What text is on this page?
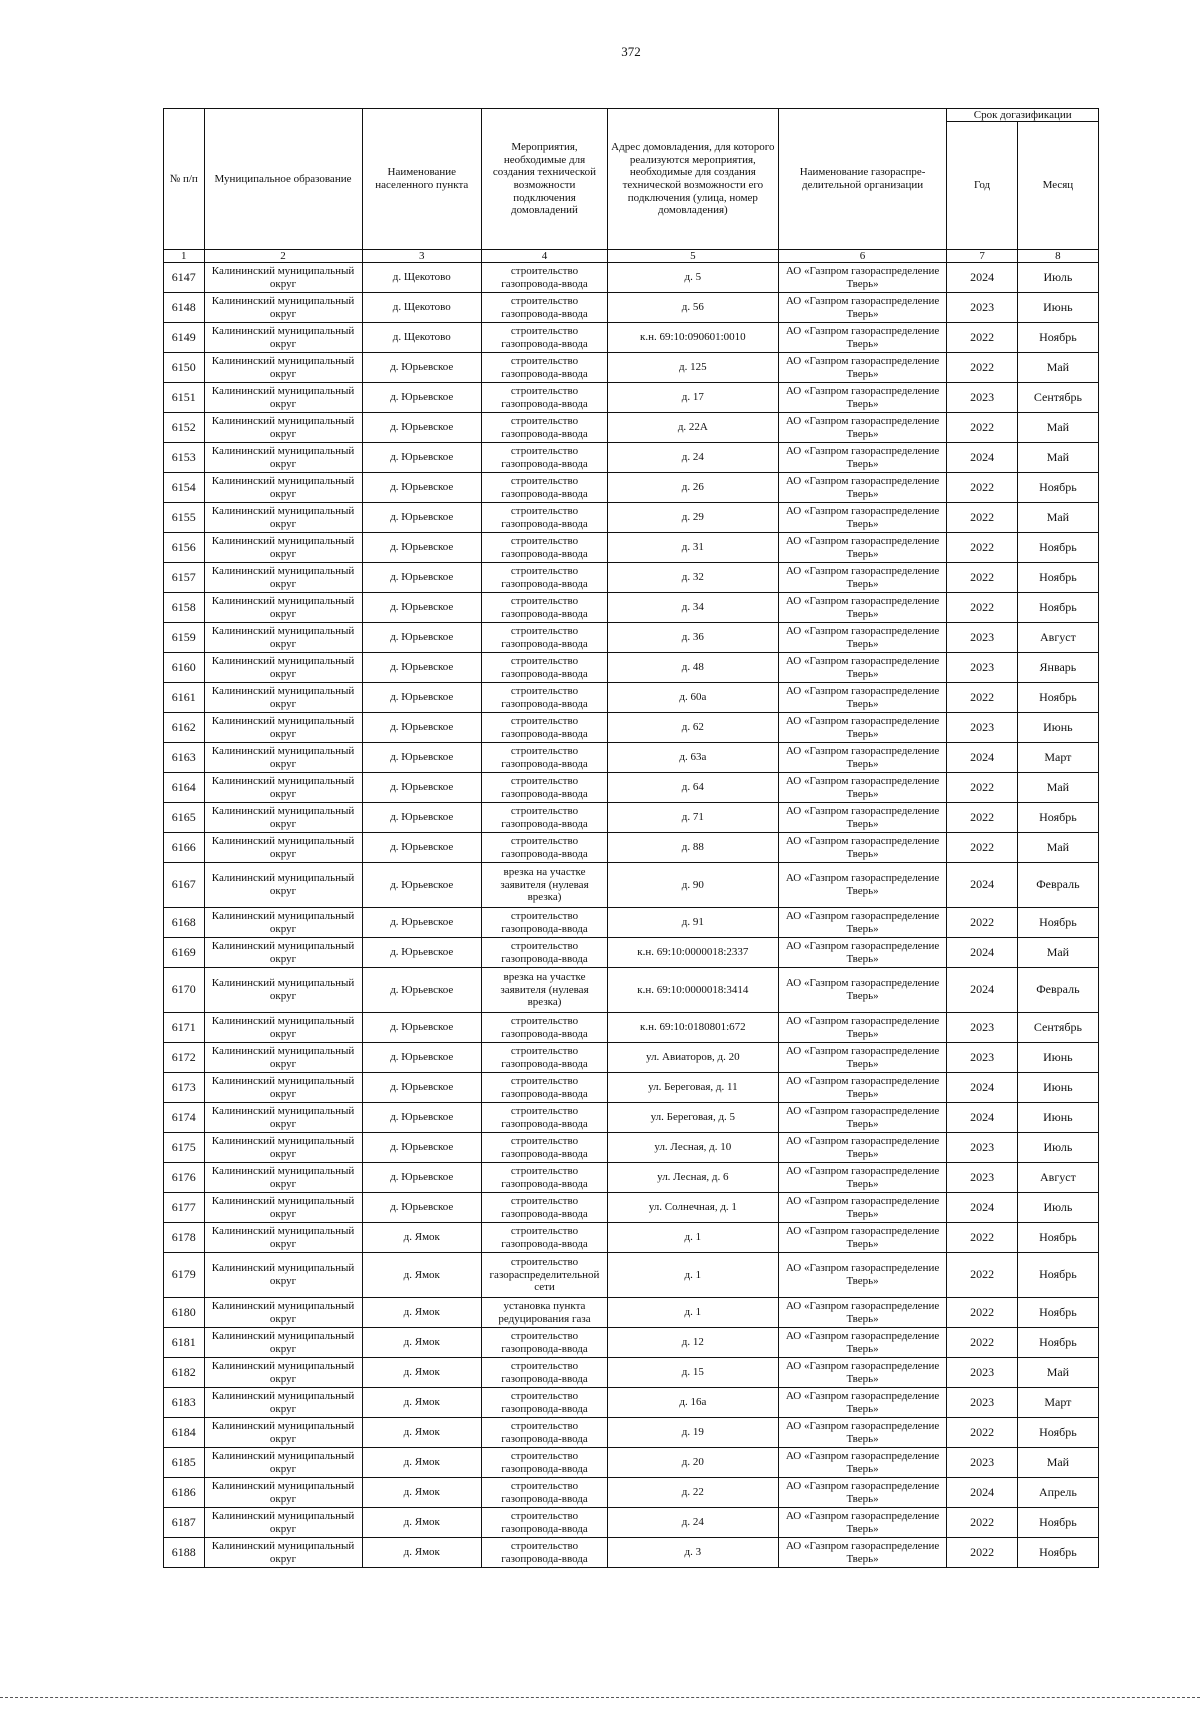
372
№ п/п	Муниципальное образование	Наименование населенного пункта	Мероприятия, необходимые для создания технической возможности подключения домовладений	Адрес домовладения, для которого реализуются мероприятия, необходимые для создания технической возможности его подключения (улица, номер домовладения)	Наименование газораспре-делительной организации	Срок догазификации	
						Год	Месяц
1	2	3	4	5	6	7	8
6147	Калининский муниципальный округ	д. Щекотово	строительство газопровода-ввода	д. 5	АО «Газпром газораспределение Тверь»	2024	Июль
6148	Калининский муниципальный округ	д. Щекотово	строительство газопровода-ввода	д. 56	АО «Газпром газораспределение Тверь»	2023	Июнь
6149	Калининский муниципальный округ	д. Щекотово	строительство газопровода-ввода	к.н. 69:10:090601:0010	АО «Газпром газораспределение Тверь»	2022	Ноябрь
6150	Калининский муниципальный округ	д. Юрьевское	строительство газопровода-ввода	д. 125	АО «Газпром газораспределение Тверь»	2022	Май
6151	Калининский муниципальный округ	д. Юрьевское	строительство газопровода-ввода	д. 17	АО «Газпром газораспределение Тверь»	2023	Сентябрь
6152	Калининский муниципальный округ	д. Юрьевское	строительство газопровода-ввода	д. 22А	АО «Газпром газораспределение Тверь»	2022	Май
6153	Калининский муниципальный округ	д. Юрьевское	строительство газопровода-ввода	д. 24	АО «Газпром газораспределение Тверь»	2024	Май
6154	Калининский муниципальный округ	д. Юрьевское	строительство газопровода-ввода	д. 26	АО «Газпром газораспределение Тверь»	2022	Ноябрь
6155	Калининский муниципальный округ	д. Юрьевское	строительство газопровода-ввода	д. 29	АО «Газпром газораспределение Тверь»	2022	Май
6156	Калининский муниципальный округ	д. Юрьевское	строительство газопровода-ввода	д. 31	АО «Газпром газораспределение Тверь»	2022	Ноябрь
6157	Калининский муниципальный округ	д. Юрьевское	строительство газопровода-ввода	д. 32	АО «Газпром газораспределение Тверь»	2022	Ноябрь
6158	Калининский муниципальный округ	д. Юрьевское	строительство газопровода-ввода	д. 34	АО «Газпром газораспределение Тверь»	2022	Ноябрь
6159	Калининский муниципальный округ	д. Юрьевское	строительство газопровода-ввода	д. 36	АО «Газпром газораспределение Тверь»	2023	Август
6160	Калининский муниципальный округ	д. Юрьевское	строительство газопровода-ввода	д. 48	АО «Газпром газораспределение Тверь»	2023	Январь
6161	Калининский муниципальный округ	д. Юрьевское	строительство газопровода-ввода	д. 60а	АО «Газпром газораспределение Тверь»	2022	Ноябрь
6162	Калининский муниципальный округ	д. Юрьевское	строительство газопровода-ввода	д. 62	АО «Газпром газораспределение Тверь»	2023	Июнь
6163	Калининский муниципальный округ	д. Юрьевское	строительство газопровода-ввода	д. 63а	АО «Газпром газораспределение Тверь»	2024	Март
6164	Калининский муниципальный округ	д. Юрьевское	строительство газопровода-ввода	д. 64	АО «Газпром газораспределение Тверь»	2022	Май
6165	Калининский муниципальный округ	д. Юрьевское	строительство газопровода-ввода	д. 71	АО «Газпром газораспределение Тверь»	2022	Ноябрь
6166	Калининский муниципальный округ	д. Юрьевское	строительство газопровода-ввода	д. 88	АО «Газпром газораспределение Тверь»	2022	Май
6167	Калининский муниципальный округ	д. Юрьевское	врезка на участке заявителя (нулевая врезка)	д. 90	АО «Газпром газораспределение Тверь»	2024	Февраль
6168	Калининский муниципальный округ	д. Юрьевское	строительство газопровода-ввода	д. 91	АО «Газпром газораспределение Тверь»	2022	Ноябрь
6169	Калининский муниципальный округ	д. Юрьевское	строительство газопровода-ввода	к.н. 69:10:0000018:2337	АО «Газпром газораспределение Тверь»	2024	Май
6170	Калининский муниципальный округ	д. Юрьевское	врезка на участке заявителя (нулевая врезка)	к.н. 69:10:0000018:3414	АО «Газпром газораспределение Тверь»	2024	Февраль
6171	Калининский муниципальный округ	д. Юрьевское	строительство газопровода-ввода	к.н. 69:10:0180801:672	АО «Газпром газораспределение Тверь»	2023	Сентябрь
6172	Калининский муниципальный округ	д. Юрьевское	строительство газопровода-ввода	ул. Авиаторов, д. 20	АО «Газпром газораспределение Тверь»	2023	Июнь
6173	Калининский муниципальный округ	д. Юрьевское	строительство газопровода-ввода	ул. Береговая, д. 11	АО «Газпром газораспределение Тверь»	2024	Июнь
6174	Калининский муниципальный округ	д. Юрьевское	строительство газопровода-ввода	ул. Береговая, д. 5	АО «Газпром газораспределение Тверь»	2024	Июнь
6175	Калининский муниципальный округ	д. Юрьевское	строительство газопровода-ввода	ул. Лесная, д. 10	АО «Газпром газораспределение Тверь»	2023	Июль
6176	Калининский муниципальный округ	д. Юрьевское	строительство газопровода-ввода	ул. Лесная, д. 6	АО «Газпром газораспределение Тверь»	2023	Август
6177	Калининский муниципальный округ	д. Юрьевское	строительство газопровода-ввода	ул. Солнечная, д. 1	АО «Газпром газораспределение Тверь»	2024	Июль
6178	Калининский муниципальный округ	д. Ямок	строительство газопровода-ввода	д. 1	АО «Газпром газораспределение Тверь»	2022	Ноябрь
6179	Калининский муниципальный округ	д. Ямок	строительство газораспределительной сети	д. 1	АО «Газпром газораспределение Тверь»	2022	Ноябрь
6180	Калининский муниципальный округ	д. Ямок	установка пункта редуцирования газа	д. 1	АО «Газпром газораспределение Тверь»	2022	Ноябрь
6181	Калининский муниципальный округ	д. Ямок	строительство газопровода-ввода	д. 12	АО «Газпром газораспределение Тверь»	2022	Ноябрь
6182	Калининский муниципальный округ	д. Ямок	строительство газопровода-ввода	д. 15	АО «Газпром газораспределение Тверь»	2023	Май
6183	Калининский муниципальный округ	д. Ямок	строительство газопровода-ввода	д. 16а	АО «Газпром газораспределение Тверь»	2023	Март
6184	Калининский муниципальный округ	д. Ямок	строительство газопровода-ввода	д. 19	АО «Газпром газораспределение Тверь»	2022	Ноябрь
6185	Калининский муниципальный округ	д. Ямок	строительство газопровода-ввода	д. 20	АО «Газпром газораспределение Тверь»	2023	Май
6186	Калининский муниципальный округ	д. Ямок	строительство газопровода-ввода	д. 22	АО «Газпром газораспределение Тверь»	2024	Апрель
6187	Калининский муниципальный округ	д. Ямок	строительство газопровода-ввода	д. 24	АО «Газпром газораспределение Тверь»	2022	Ноябрь
6188	Калининский муниципальный округ	д. Ямок	строительство газопровода-ввода	д. 3	АО «Газпром газораспределение Тверь»	2022	Ноябрь
